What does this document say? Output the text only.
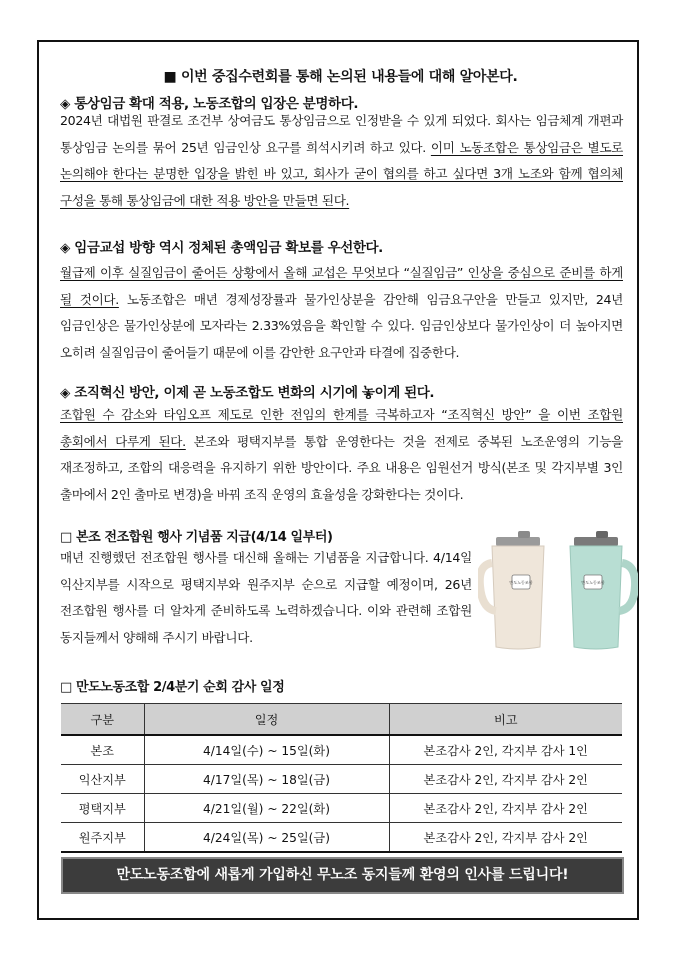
■ 이번 중집수련회를 통해 논의된 내용들에 대해 알아본다.
◈ 통상임금 확대 적용, 노동조합의 입장은 분명하다.
2024년 대법원 판결로 조건부 상여금도 통상임금으로 인정받을 수 있게 되었다. 회사는 임금체계 개편과 통상임금 논의를 묶어 25년 임금인상 요구를 희석시키려 하고 있다. 이미 노동조합은 통상임금은 별도로 논의해야 한다는 분명한 입장을 밝힌 바 있고, 회사가 굳이 협의를 하고 싶다면 3개 노조와 함께 협의체 구성을 통해 통상임금에 대한 적용 방안을 만들면 된다.
◈ 임금교섭 방향 역시 정체된 총액임금 확보를 우선한다.
월급제 이후 실질임금이 줄어든 상황에서 올해 교섭은 무엇보다 “실질임금” 인상을 중심으로 준비를 하게 될 것이다. 노동조합은 매년 경제성장률과 물가인상분을 감안해 임금요구안을 만들고 있지만, 24년 임금인상은 물가인상분에 모자라는 2.33%였음을 확인할 수 있다. 임금인상보다 물가인상이 더 높아지면 오히려 실질임금이 줄어들기 때문에 이를 감안한 요구안과 타결에 집중한다.
◈ 조직혁신 방안, 이제 곧 노동조합도 변화의 시기에 놓이게 된다.
조합원 수 감소와 타임오프 제도로 인한 전임의 한계를 극복하고자 “조직혁신 방안” 을 이번 조합원 총회에서 다루게 된다. 본조와 평택지부를 통합 운영한다는 것을 전제로 중복된 노조운영의 기능을 재조정하고, 조합의 대응력을 유지하기 위한 방안이다. 주요 내용은 임원선거 방식(본조 및 각지부별 3인 출마에서 2인 출마로 변경)을 바꿔 조직 운영의 효율성을 강화한다는 것이다.
□ 본조 전조합원 행사 기념품 지급(4/14 일부터)
매년 진행했던 전조합원 행사를 대신해 올해는 기념품을 지급합니다. 4/14일 익산지부를 시작으로 평택지부와 원주지부 순으로 지급할 예정이며, 26년 전조합원 행사를 더 알차게 준비하도록 노력하겠습니다. 이와 관련해 조합원 동지들께서 양해해 주시기 바랍니다.
만도노동조합	만도노동조합
□ 만도노동조합 2/4분기 순회 감사 일정
구분	일정	비고
본조	4/14일(수) ~ 15일(화)	본조감사 2인, 각지부 감사 1인
익산지부	4/17일(목) ~ 18일(금)	본조감사 2인, 각지부 감사 2인
평택지부	4/21일(월) ~ 22일(화)	본조감사 2인, 각지부 감사 2인
원주지부	4/24일(목) ~ 25일(금)	본조감사 2인, 각지부 감사 2인
만도노동조합에 새롭게 가입하신 무노조 동지들께 환영의 인사를 드립니다!
